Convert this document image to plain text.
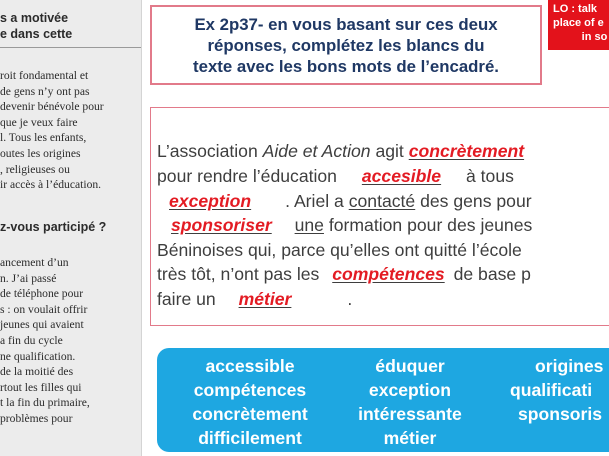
s a motivée
e dans cette
roit fondamental et
de gens n’y ont pas
devenir bénévole pour
que je veux faire
l. Tous les enfants,
outes les origines
, religieuses ou
ir accès à l’éducation.
z-vous participé ?
ancement d’un
n. J’ai passé
de téléphone pour
s : on voulait offrir
jeunes qui avaient
a fin du cycle
ne qualification.
de la moitié des
rtout les filles qui
t la fin du primaire,
problèmes pour
Ex 2p37- en vous basant sur ces deux
réponses, complétez les blancs du
texte avec les bons mots de l’encadré.
LO : talk
place of e
in so
L’association Aide et Action agit concrètement
pour rendre l’éducation accesible à tous
exception . Ariel a contacté des gens pour
sponsoriser une formation pour des jeunes
Béninoises qui, parce qu’elles ont quitté l’école
très tôt, n’ont pas les compétences de base p
faire un métier	.
accessible
compétences
concrètement
difficilement
éduquer
exception
intéressante
métier
origines
qualificati
sponsoris
